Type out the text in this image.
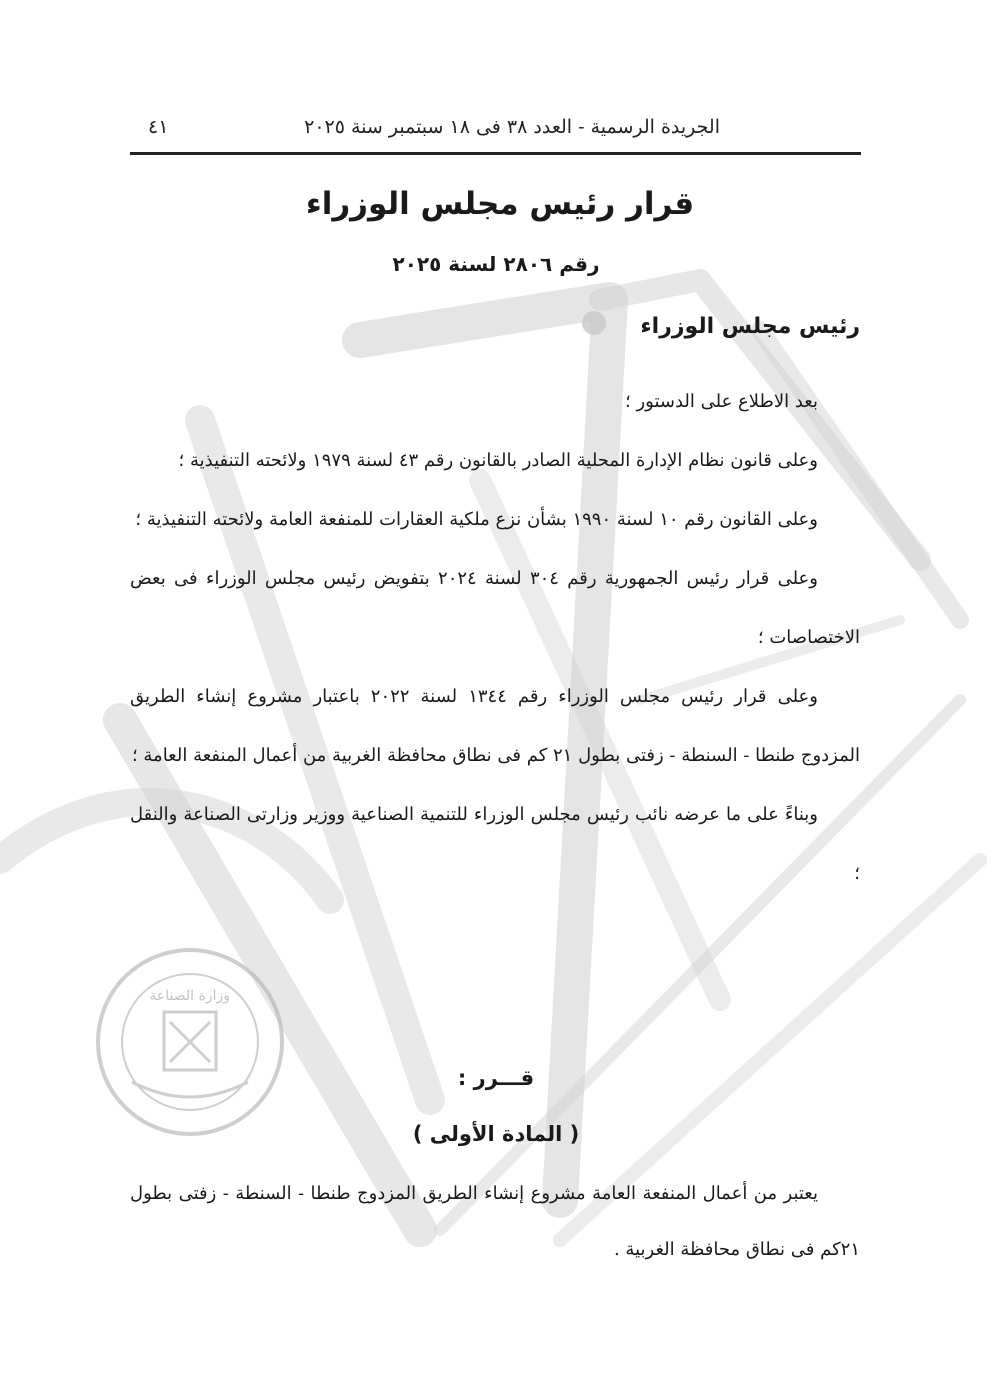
وزارة الصناعة
الجريدة الرسمية - العدد ٣٨ فى ١٨ سبتمبر سنة ٢٠٢٥
٤١
قرار رئيس مجلس الوزراء
رقم ٢٨٠٦ لسنة ٢٠٢٥
رئيس مجلس الوزراء

بعد الاطلاع على الدستور ؛

وعلى قانون نظام الإدارة المحلية الصادر بالقانون رقم ٤٣ لسنة ١٩٧٩ ولائحته التنفيذية ؛

وعلى القانون رقم ١٠ لسنة ١٩٩٠ بشأن نزع ملكية العقارات للمنفعة العامة ولائحته التنفيذية ؛

وعلى قرار رئيس الجمهورية رقم ٣٠٤ لسنة ٢٠٢٤ بتفويض رئيس مجلس الوزراء فى بعض الاختصاصات ؛

وعلى قرار رئيس مجلس الوزراء رقم ١٣٤٤ لسنة ٢٠٢٢ باعتبار مشروع إنشاء الطريق المزدوج طنطا - السنطة - زفتى بطول ٢١ كم فى نطاق محافظة الغربية من أعمال المنفعة العامة ؛

وبناءً على ما عرضه نائب رئيس مجلس الوزراء للتنمية الصناعية ووزير وزارتى الصناعة والنقل ؛

قـــرر :
( المادة الأولى )

يعتبر من أعمال المنفعة العامة مشروع إنشاء الطريق المزدوج طنطا - السنطة - زفتى بطول ٢١كم فى نطاق محافظة الغربية .
